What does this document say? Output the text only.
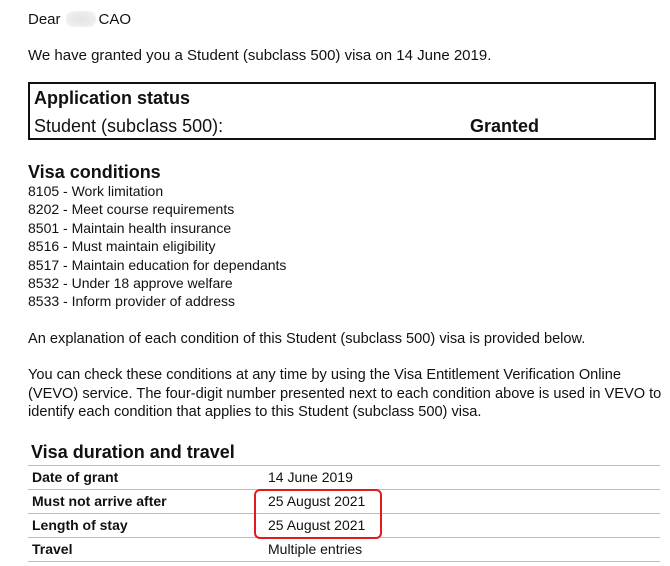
Dear	CAO
We have granted you a Student (subclass 500) visa on 14 June 2019.
Application status
Student (subclass 500):	Granted
Visa conditions
8105 - Work limitation
8202 - Meet course requirements
8501 - Maintain health insurance
8516 - Must maintain eligibility
8517 - Maintain education for dependants
8532 - Under 18 approve welfare
8533 - Inform provider of address

An explanation of each condition of this Student (subclass 500) visa is provided below.

You can check these conditions at any time by using the Visa Entitlement Verification Online (VEVO) service. The four-digit number presented next to each condition above is used in VEVO to identify each condition that applies to this Student (subclass 500) visa.

Visa duration and travel
Date of grant	14 June 2019
Must not arrive after	25 August 2021
Length of stay	25 August 2021
Travel	Multiple entries
